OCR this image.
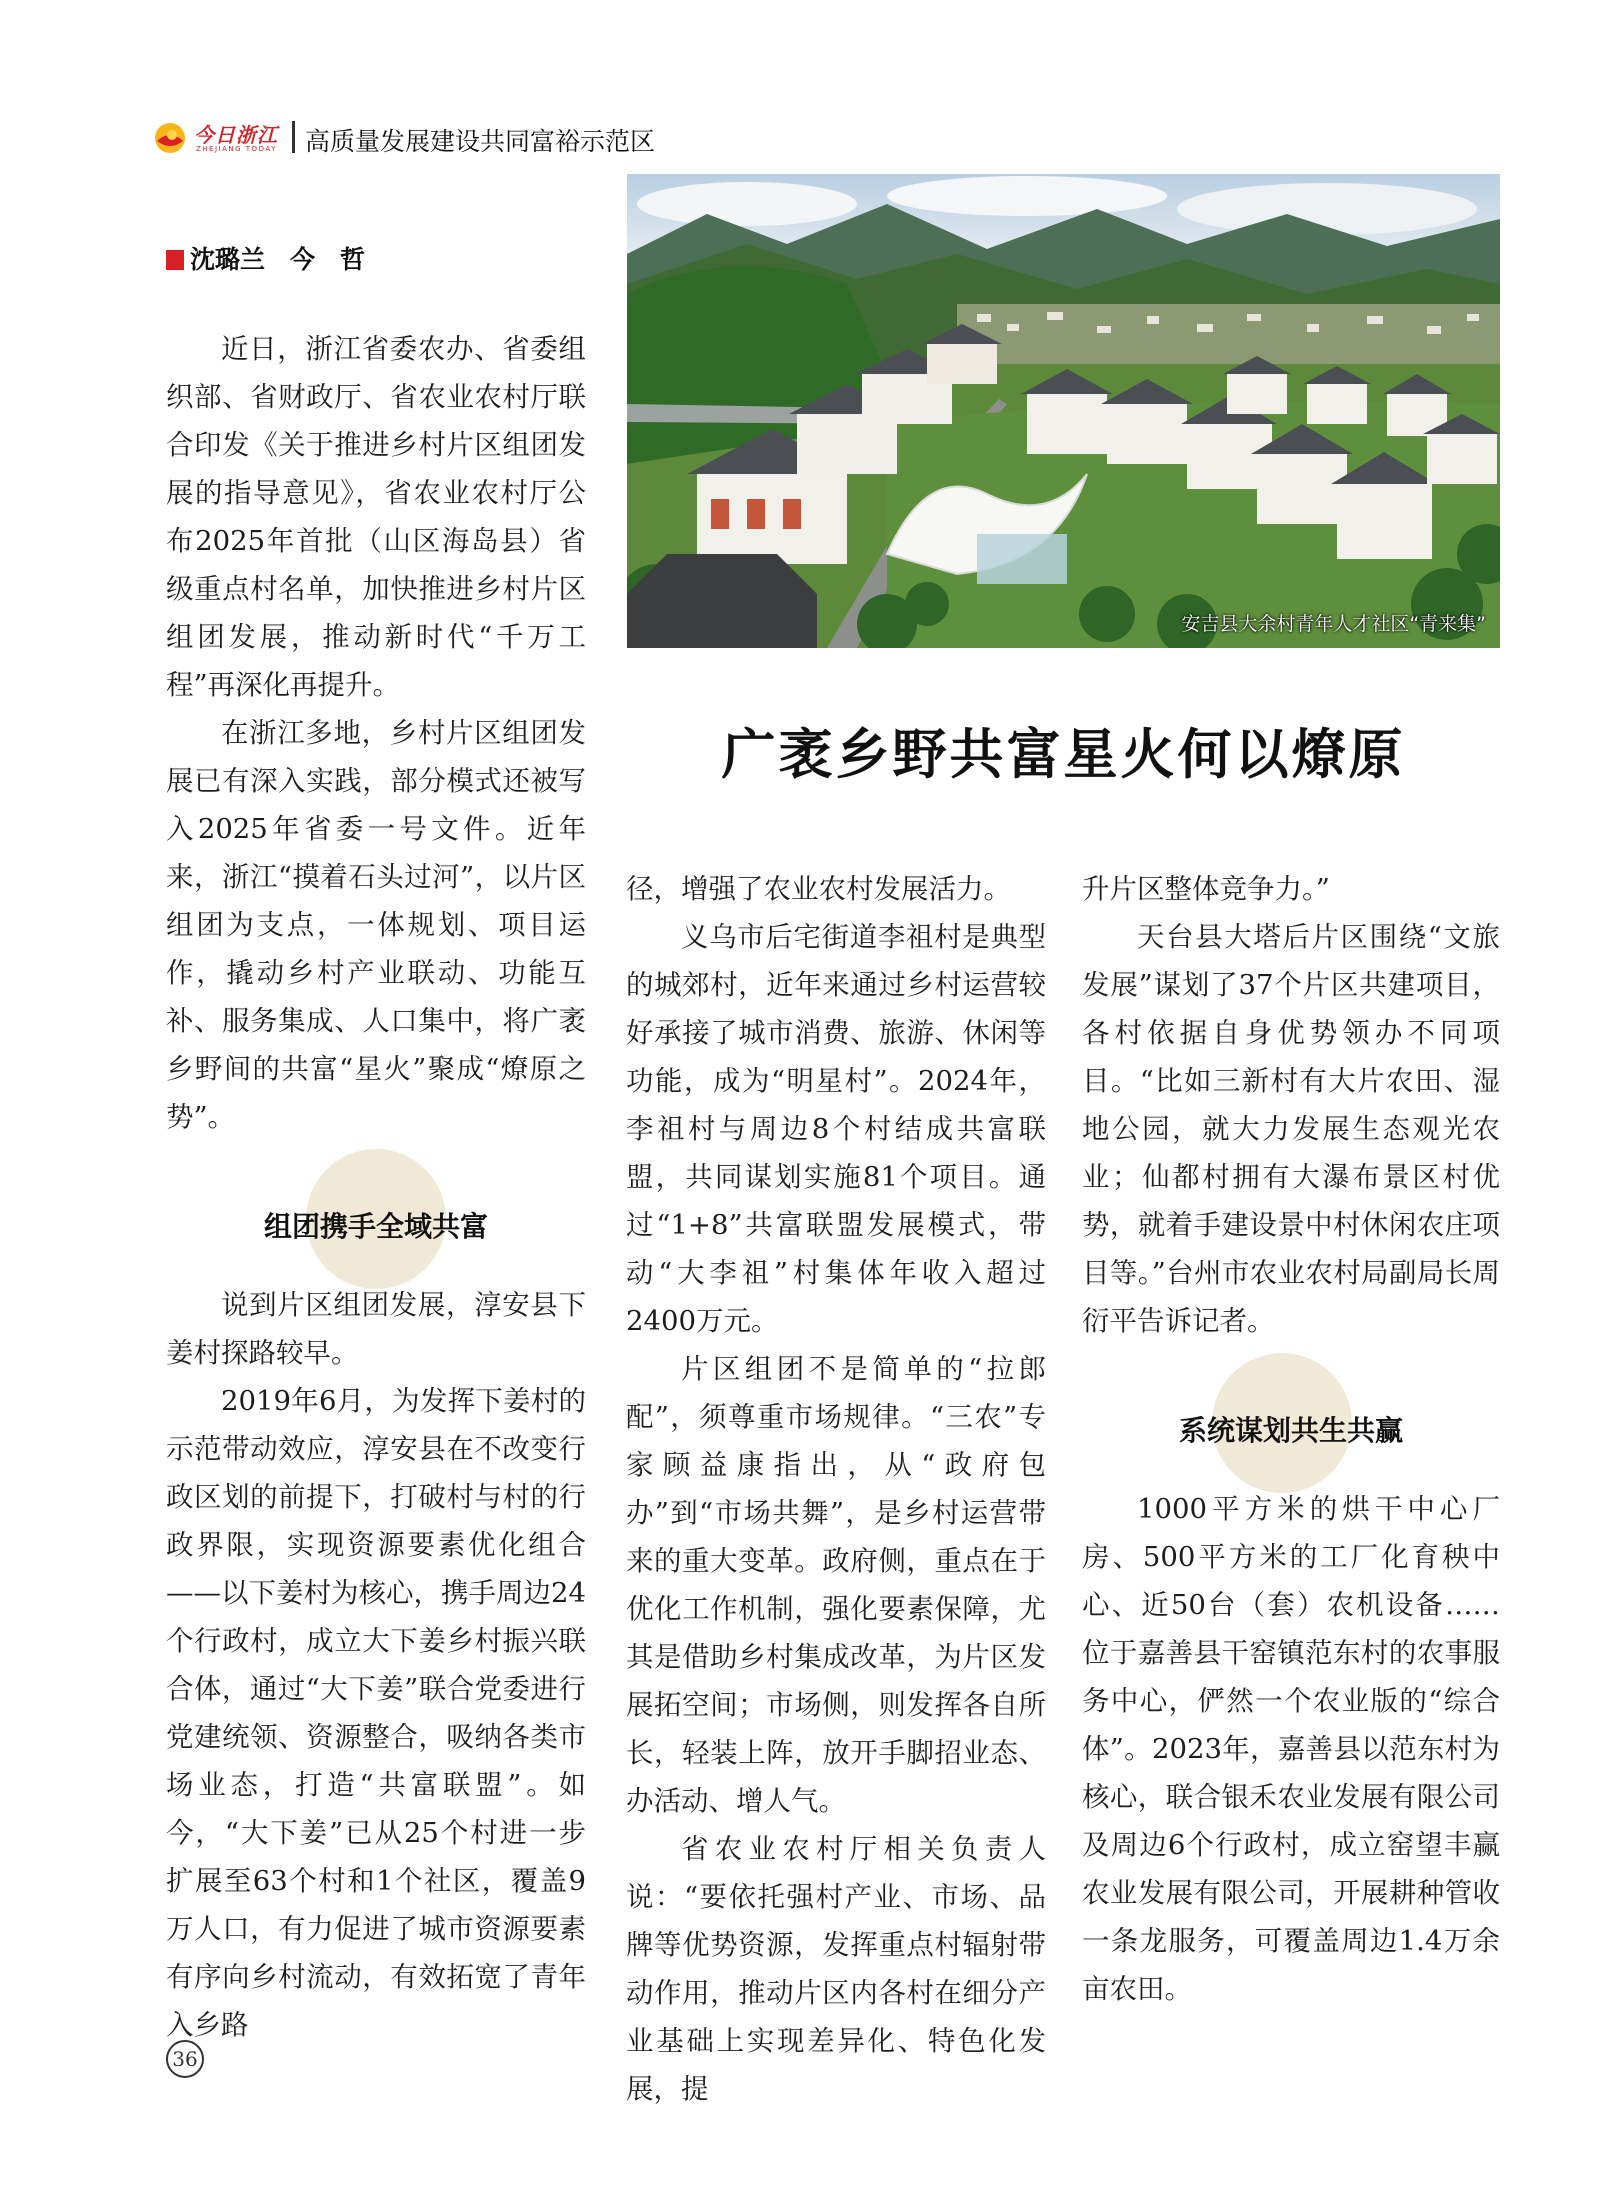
今日浙江
ZHEJIANG TODAY 高质量发展建设共同富裕示范区
沈璐兰　今　哲
安吉县大余村青年人才社区“青来集”
广袤乡野共富星火何以燎原

近日，浙江省委农办、省委组织部、省财政厅、省农业农村厅联合印发《关于推进乡村片区组团发展的指导意见》，省农业农村厅公布2025年首批（山区海岛县）省级重点村名单，加快推进乡村片区组团发展，推动新时代“千万工程”再深化再提升。

在浙江多地，乡村片区组团发展已有深入实践，部分模式还被写入2025年省委一号文件。近年来，浙江“摸着石头过河”，以片区组团为支点，一体规划、项目运作，撬动乡村产业联动、功能互补、服务集成、人口集中，将广袤乡野间的共富“星火”聚成“燎原之势”。

组团携手全域共富

说到片区组团发展，淳安县下姜村探路较早。

2019年6月，为发挥下姜村的示范带动效应，淳安县在不改变行政区划的前提下，打破村与村的行政界限，实现资源要素优化组合——以下姜村为核心，携手周边24个行政村，成立大下姜乡村振兴联合体，通过“大下姜”联合党委进行党建统领、资源整合，吸纳各类市场业态，打造“共富联盟”。如今，“大下姜”已从25个村进一步扩展至63个村和1个社区，覆盖9万人口，有力促进了城市资源要素有序向乡村流动，有效拓宽了青年入乡路

径，增强了农业农村发展活力。

义乌市后宅街道李祖村是典型的城郊村，近年来通过乡村运营较好承接了城市消费、旅游、休闲等功能，成为“明星村”。2024年，李祖村与周边8个村结成共富联盟，共同谋划实施81个项目。通过“1+8”共富联盟发展模式，带动“大李祖”村集体年收入超过2400万元。

片区组团不是简单的“拉郎配”，须尊重市场规律。“三农”专家顾益康指出，从“政府包办”到“市场共舞”，是乡村运营带来的重大变革。政府侧，重点在于优化工作机制，强化要素保障，尤其是借助乡村集成改革，为片区发展拓空间；市场侧，则发挥各自所长，轻装上阵，放开手脚招业态、办活动、增人气。

省农业农村厅相关负责人说：“要依托强村产业、市场、品牌等优势资源，发挥重点村辐射带动作用，推动片区内各村在细分产业基础上实现差异化、特色化发展，提

升片区整体竞争力。”

天台县大塔后片区围绕“文旅发展”谋划了37个片区共建项目，各村依据自身优势领办不同项目。“比如三新村有大片农田、湿地公园，就大力发展生态观光农业；仙都村拥有大瀑布景区村优势，就着手建设景中村休闲农庄项目等。”台州市农业农村局副局长周衍平告诉记者。

系统谋划共生共赢

1000平方米的烘干中心厂房、500平方米的工厂化育秧中心、近50台（套）农机设备……位于嘉善县干窑镇范东村的农事服务中心，俨然一个农业版的“综合体”。2023年，嘉善县以范东村为核心，联合银禾农业发展有限公司及周边6个行政村，成立窑望丰赢农业发展有限公司，开展耕种管收一条龙服务，可覆盖周边1.4万余亩农田。

36
